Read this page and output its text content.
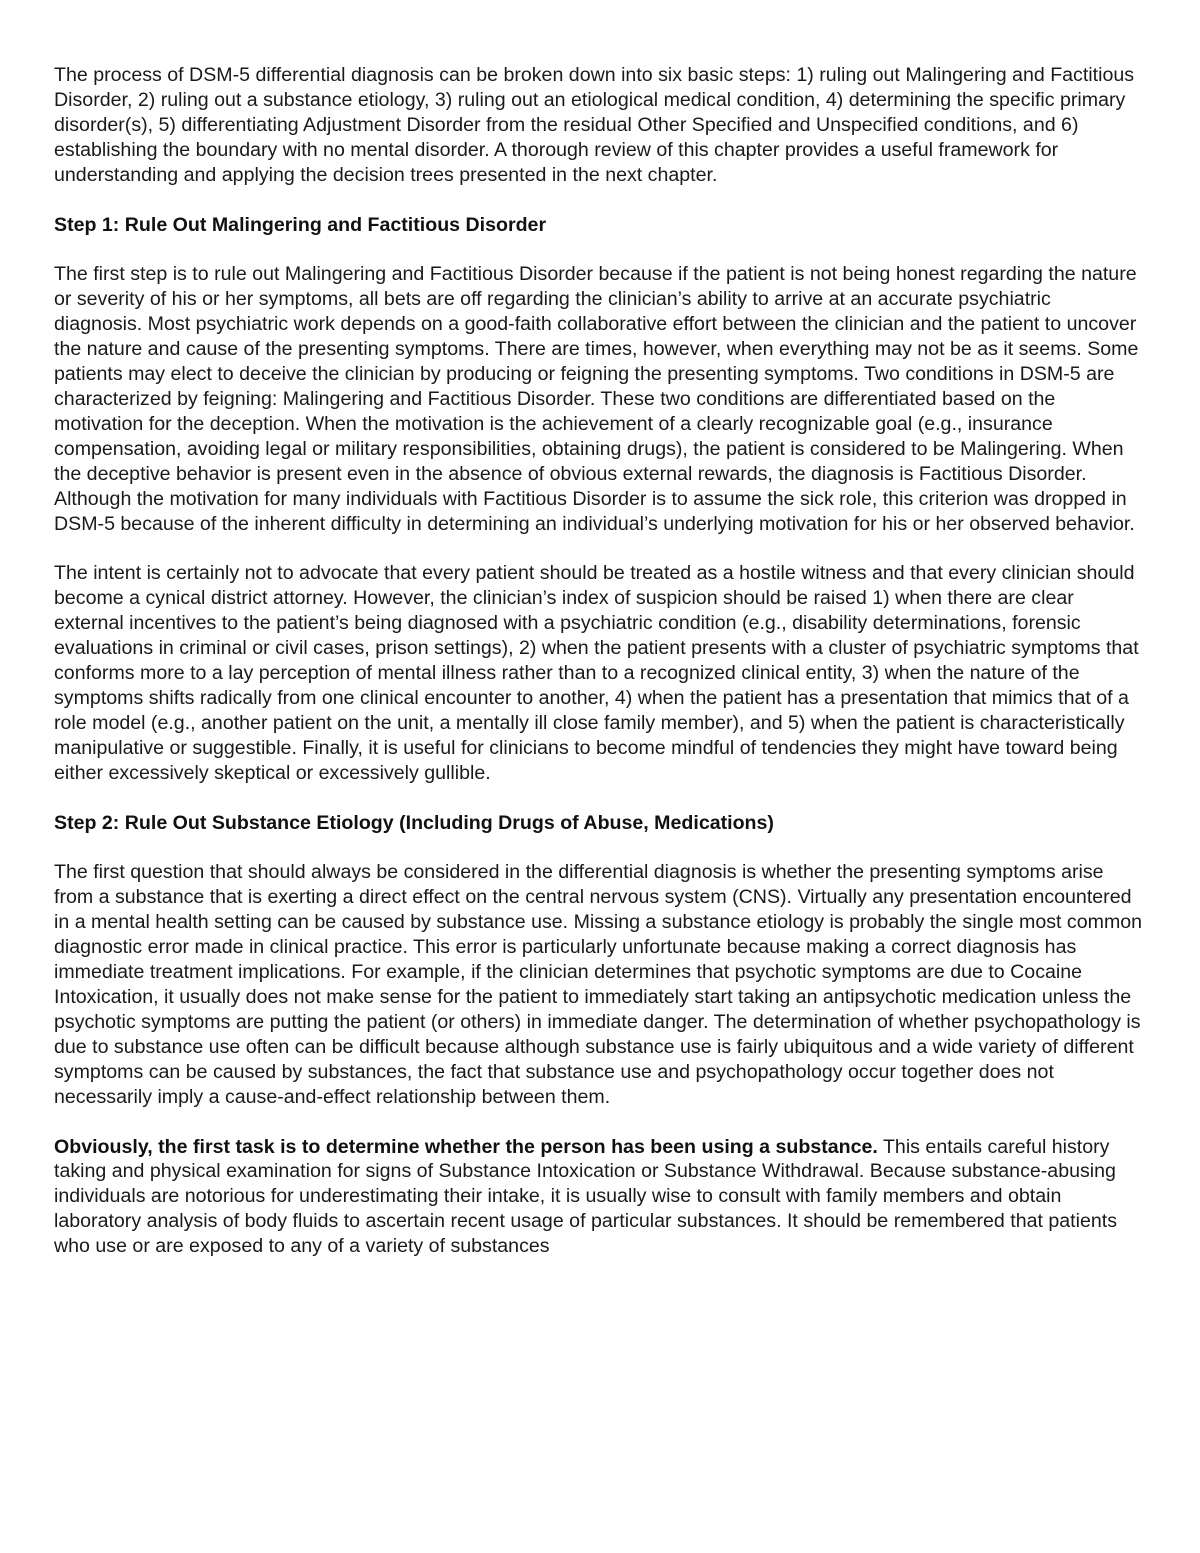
The process of DSM-5 differential diagnosis can be broken down into six basic steps: 1) ruling out Malingering and Factitious Disorder, 2) ruling out a substance etiology, 3) ruling out an etiological medical condition, 4) determining the specific primary disorder(s), 5) differentiating Adjustment Disorder from the residual Other Specified and Unspecified conditions, and 6) establishing the boundary with no mental disorder. A thorough review of this chapter provides a useful framework for understanding and applying the decision trees presented in the next chapter.

Step 1: Rule Out Malingering and Factitious Disorder

The first step is to rule out Malingering and Factitious Disorder because if the patient is not being honest regarding the nature or severity of his or her symptoms, all bets are off regarding the clinician’s ability to arrive at an accurate psychiatric diagnosis. Most psychiatric work depends on a good-faith collaborative effort between the clinician and the patient to uncover the nature and cause of the presenting symptoms. There are times, however, when everything may not be as it seems. Some patients may elect to deceive the clinician by producing or feigning the presenting symptoms. Two conditions in DSM-5 are characterized by feigning: Malingering and Factitious Disorder. These two conditions are differentiated based on the motivation for the deception. When the motivation is the achievement of a clearly recognizable goal (e.g., insurance compensation, avoiding legal or military responsibilities, obtaining drugs), the patient is considered to be Malingering. When the deceptive behavior is present even in the absence of obvious external rewards, the diagnosis is Factitious Disorder. Although the motivation for many individuals with Factitious Disorder is to assume the sick role, this criterion was dropped in DSM-5 because of the inherent difficulty in determining an individual’s underlying motivation for his or her observed behavior.

The intent is certainly not to advocate that every patient should be treated as a hostile witness and that every clinician should become a cynical district attorney. However, the clinician’s index of suspicion should be raised 1) when there are clear external incentives to the patient’s being diagnosed with a psychiatric condition (e.g., disability determinations, forensic evaluations in criminal or civil cases, prison settings), 2) when the patient presents with a cluster of psychiatric symptoms that conforms more to a lay perception of mental illness rather than to a recognized clinical entity, 3) when the nature of the symptoms shifts radically from one clinical encounter to another, 4) when the patient has a presentation that mimics that of a role model (e.g., another patient on the unit, a mentally ill close family member), and 5) when the patient is characteristically manipulative or suggestible. Finally, it is useful for clinicians to become mindful of tendencies they might have toward being either excessively skeptical or excessively gullible.

Step 2: Rule Out Substance Etiology (Including Drugs of Abuse, Medications)

The first question that should always be considered in the differential diagnosis is whether the presenting symptoms arise from a substance that is exerting a direct effect on the central nervous system (CNS). Virtually any presentation encountered in a mental health setting can be caused by substance use. Missing a substance etiology is probably the single most common diagnostic error made in clinical practice. This error is particularly unfortunate because making a correct diagnosis has immediate treatment implications. For example, if the clinician determines that psychotic symptoms are due to Cocaine Intoxication, it usually does not make sense for the patient to immediately start taking an antipsychotic medication unless the psychotic symptoms are putting the patient (or others) in immediate danger. The determination of whether psychopathology is due to substance use often can be difficult because although substance use is fairly ubiquitous and a wide variety of different symptoms can be caused by substances, the fact that substance use and psychopathology occur together does not necessarily imply a cause-and-effect relationship between them.

Obviously, the first task is to determine whether the person has been using a substance. This entails careful history taking and physical examination for signs of Substance Intoxication or Substance Withdrawal. Because substance-abusing individuals are notorious for underestimating their intake, it is usually wise to consult with family members and obtain laboratory analysis of body fluids to ascertain recent usage of particular substances. It should be remembered that patients who use or are exposed to any of a variety of substances
